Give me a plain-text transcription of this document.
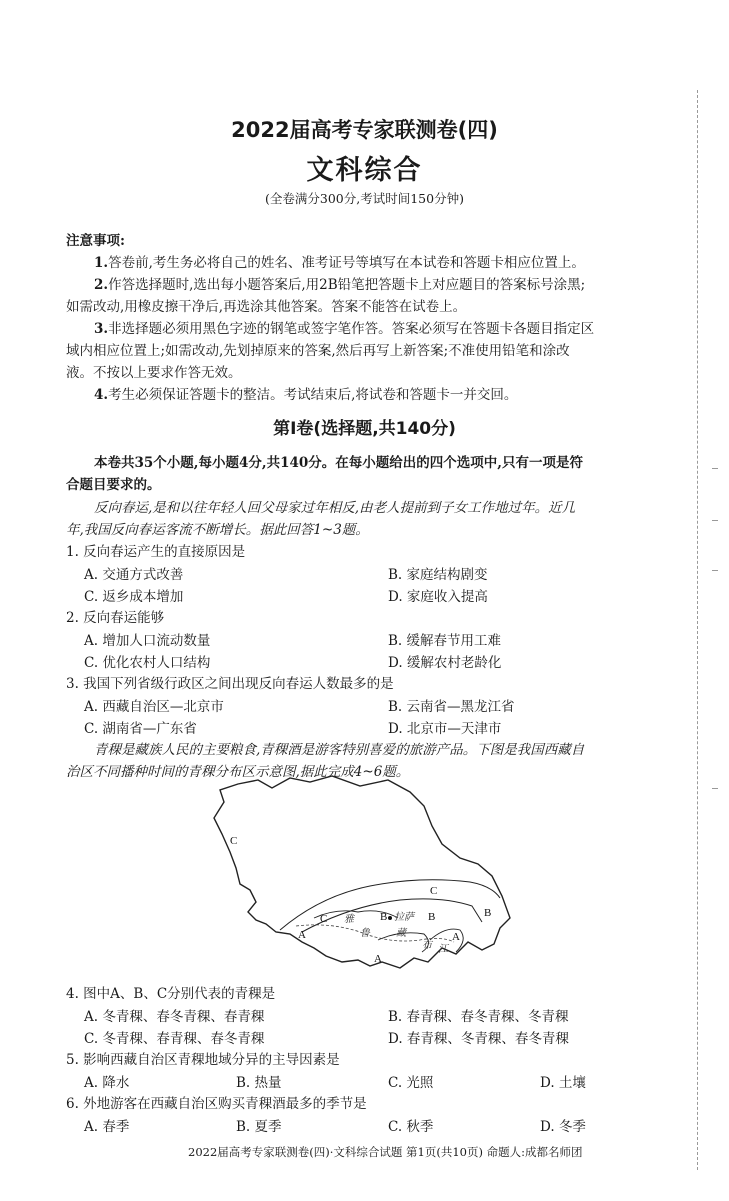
2022届高考专家联测卷(四)
文科综合
(全卷满分300分,考试时间150分钟)
注意事项:
1.答卷前,考生务必将自己的姓名、准考证号等填写在本试卷和答题卡相应位置上。
2.作答选择题时,选出每小题答案后,用2B铅笔把答题卡上对应题目的答案标号涂黑;
如需改动,用橡皮擦干净后,再选涂其他答案。答案不能答在试卷上。
3.非选择题必须用黑色字迹的钢笔或签字笔作答。答案必须写在答题卡各题目指定区
域内相应位置上;如需改动,先划掉原来的答案,然后再写上新答案;不准使用铅笔和涂改
液。不按以上要求作答无效。
4.考生必须保证答题卡的整洁。考试结束后,将试卷和答题卡一并交回。
第Ⅰ卷(选择题,共140分)
本卷共35个小题,每小题4分,共140分。在每小题给出的四个选项中,只有一项是符
合题目要求的。
反向春运,是和以往年轻人回父母家过年相反,由老人提前到子女工作地过年。近几
年,我国反向春运客流不断增长。据此回答1~3题。
1. 反向春运产生的直接原因是
A. 交通方式改善	B. 家庭结构剧变
C. 返乡成本增加	D. 家庭收入提高
2. 反向春运能够
A. 增加人口流动数量	B. 缓解春节用工难
C. 优化农村人口结构	D. 缓解农村老龄化
3. 我国下列省级行政区之间出现反向春运人数最多的是
A. 西藏自治区—北京市	B. 云南省—黑龙江省
C. 湖南省—广东省	D. 北京市—天津市
青稞是藏族人民的主要粮食,青稞酒是游客特别喜爱的旅游产品。下图是我国西藏自
治区不同播种时间的青稞分布区示意图,据此完成4~6题。
C
C
C	B	B	B
A
A
A
拉萨
雅
鲁	藏
布 江
4. 图中A、B、C分别代表的青稞是
A. 冬青稞、春冬青稞、春青稞	B. 春青稞、春冬青稞、冬青稞
C. 冬青稞、春青稞、春冬青稞	D. 春青稞、冬青稞、春冬青稞
5. 影响西藏自治区青稞地域分异的主导因素是
A. 降水	B. 热量	C. 光照	D. 土壤
6. 外地游客在西藏自治区购买青稞酒最多的季节是
A. 春季	B. 夏季	C. 秋季	D. 冬季
2022届高考专家联测卷(四)·文科综合试题 第1页(共10页) 命题人:成都名师团
